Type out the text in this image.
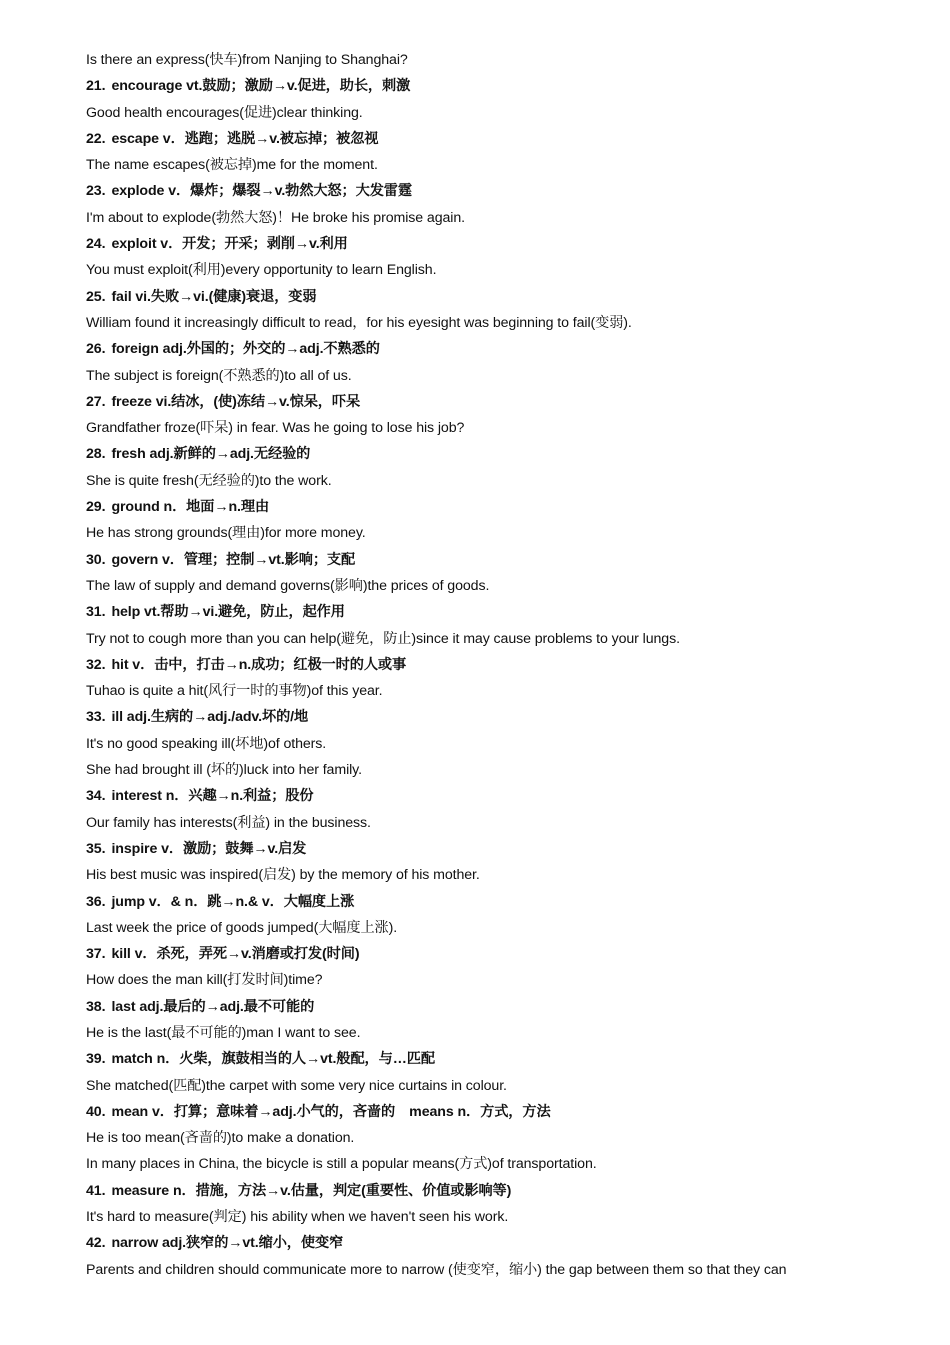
Is there an express(快车)from Nanjing to Shanghai?
21. encourage vt.鼓励；激励→v.促进，助长，刺激
Good health encourages(促进)clear thinking.
22. escape v．逃跑；逃脱→v.被忘掉；被忽视
The name escapes(被忘掉)me for the moment.
23. explode v．爆炸；爆裂→v.勃然大怒；大发雷霆
I'm about to explode(勃然大怒)！He broke his promise again.
24. exploit v．开发；开采；剥削→v.利用
You must exploit(利用)every opportunity to learn English.
25. fail vi.失败→vi.(健康)衰退，变弱
William found it increasingly difficult to read，for his eyesight was beginning to fail(变弱).
26. foreign adj.外国的；外交的→adj.不熟悉的
The subject is foreign(不熟悉的)to all of us.
27. freeze vi.结冰，(使)冻结→v.惊呆，吓呆
Grandfather froze(吓呆) in fear. Was he going to lose his job?
28. fresh adj.新鲜的→adj.无经验的
She is quite fresh(无经验的)to the work.
29. ground n．地面→n.理由
He has strong grounds(理由)for more money.
30. govern v．管理；控制→vt.影响；支配
The law of supply and demand governs(影响)the prices of goods.
31. help vt.帮助→vi.避免，防止，起作用
Try not to cough more than you can help(避免，防止)since it may cause problems to your lungs.
32. hit v．击中，打击→n.成功；红极一时的人或事
Tuhao is quite a hit(风行一时的事物)of this year.
33. ill adj.生病的→adj./adv.坏的/地
It's no good speaking ill(坏地)of others.
She had brought ill (坏的)luck into her family.
34. interest n．兴趣→n.利益；股份
Our family has interests(利益) in the business.
35. inspire v．激励；鼓舞→v.启发
His best music was inspired(启发) by the memory of his mother.
36. jump v．& n．跳→n.& v．大幅度上涨
Last week the price of goods jumped(大幅度上涨).
37. kill v．杀死，弄死→v.消磨或打发(时间)
How does the man kill(打发时间)time?
38. last adj.最后的→adj.最不可能的
He is the last(最不可能的)man I want to see.
39. match n．火柴，旗鼓相当的人→vt.般配，与…匹配
She matched(匹配)the carpet with some very nice curtains in colour.
40. mean v．打算；意味着→adj.小气的，吝啬的　means n．方式，方法
He is too mean(吝啬的)to make a donation.
In many places in China, the bicycle is still a popular means(方式)of transportation.
41. measure n．措施，方法→v.估量，判定(重要性、价值或影响等)
It's hard to measure(判定) his ability when we haven't seen his work.
42. narrow adj.狭窄的→vt.缩小，使变窄
Parents and children should communicate more to narrow (使变窄，缩小) the gap between them so that they can
